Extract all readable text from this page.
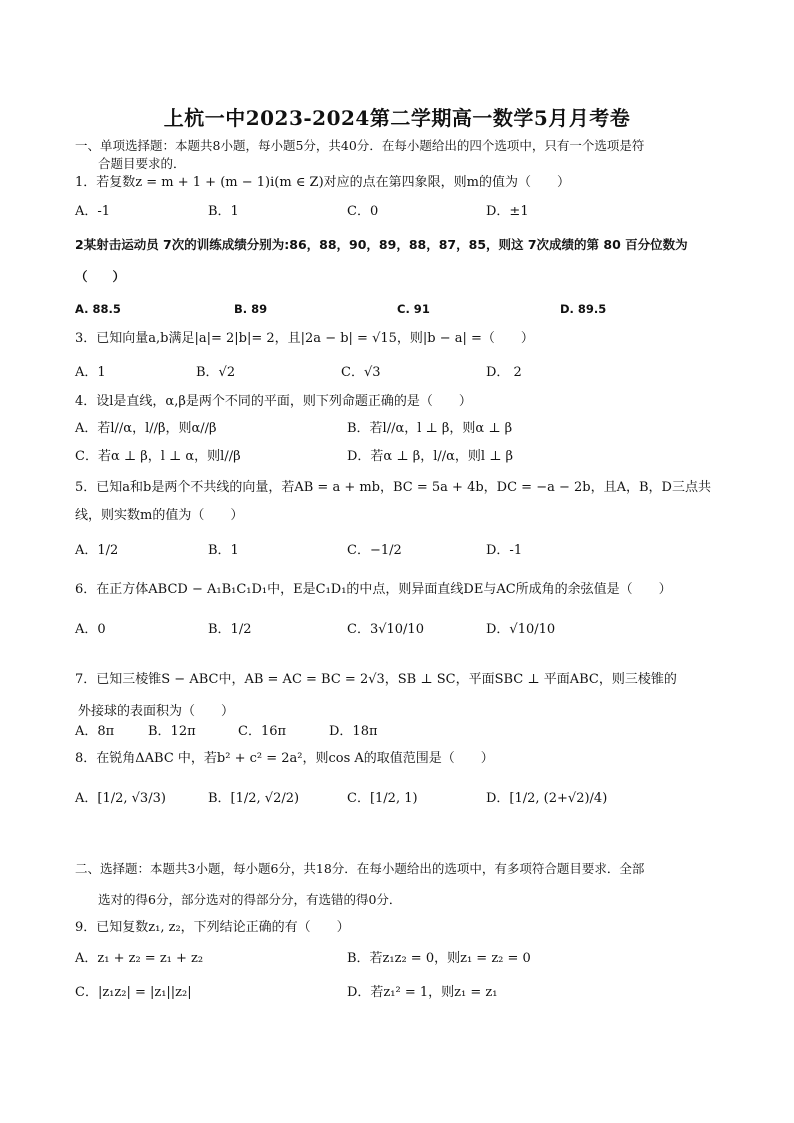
上杭一中2023-2024第二学期高一数学5月月考卷
一、单项选择题：本题共8小题，每小题5分，共40分．在每小题给出的四个选项中，只有一个选项是符
合题目要求的．
1．若复数z = m + 1 + (m − 1)i(m ∈ Z)对应的点在第四象限，则m的值为（　　）
A．-1	B．1	C．0	D．±1
2某射击运动员 7次的训练成绩分别为:86，88，90，89，88，87，85，则这 7次成绩的第 80 百分位数为
（　　）
A. 88.5	B. 89	C. 91	D. 89.5
3．已知向量a,b满足|a|= 2|b|= 2，且|2a − b| = √15，则|b − a| =（　　）
A．1	B．√2	C．√3	D． 2
4．设l是直线，α,β是两个不同的平面，则下列命题正确的是（　　）
A．若l//α，l//β，则α//β	B．若l//α，l ⊥ β，则α ⊥ β
C．若α ⊥ β，l ⊥ α，则l//β	D．若α ⊥ β，l//α，则l ⊥ β
5．已知a和b是两个不共线的向量，若AB = a + mb，BC = 5a + 4b，DC = −a − 2b，且A，B，D三点共
线，则实数m的值为（　　）
A．1/2	B．1	C．−1/2	D．-1
6．在正方体ABCD − A₁B₁C₁D₁中，E是C₁D₁的中点，则异面直线DE与AC所成角的余弦值是（　　）
A．0	B．1/2	C．3√10/10	D．√10/10
7．已知三棱锥S − ABC中，AB = AC = BC = 2√3，SB ⊥ SC，平面SBC ⊥ 平面ABC，则三棱锥的
外接球的表面积为（　　）
A．8π	B．12π	C．16π	D．18π
8．在锐角ΔABC 中，若b² + c² = 2a²，则cos A的取值范围是（　　）
A．[1/2, √3/3)	B．[1/2, √2/2)	C．[1/2, 1)	D．[1/2, (2+√2)/4)
二、选择题：本题共3小题，每小题6分，共18分．在每小题给出的选项中，有多项符合题目要求．全部
选对的得6分，部分选对的得部分分，有选错的得0分．
9．已知复数z₁, z₂，下列结论正确的有（　　）
A．z₁ + z₂ = z₁ + z₂	B．若z₁z₂ = 0，则z₁ = z₂ = 0
C．|z₁z₂| = |z₁||z₂|	D．若z₁² = 1，则z₁ = z₁
